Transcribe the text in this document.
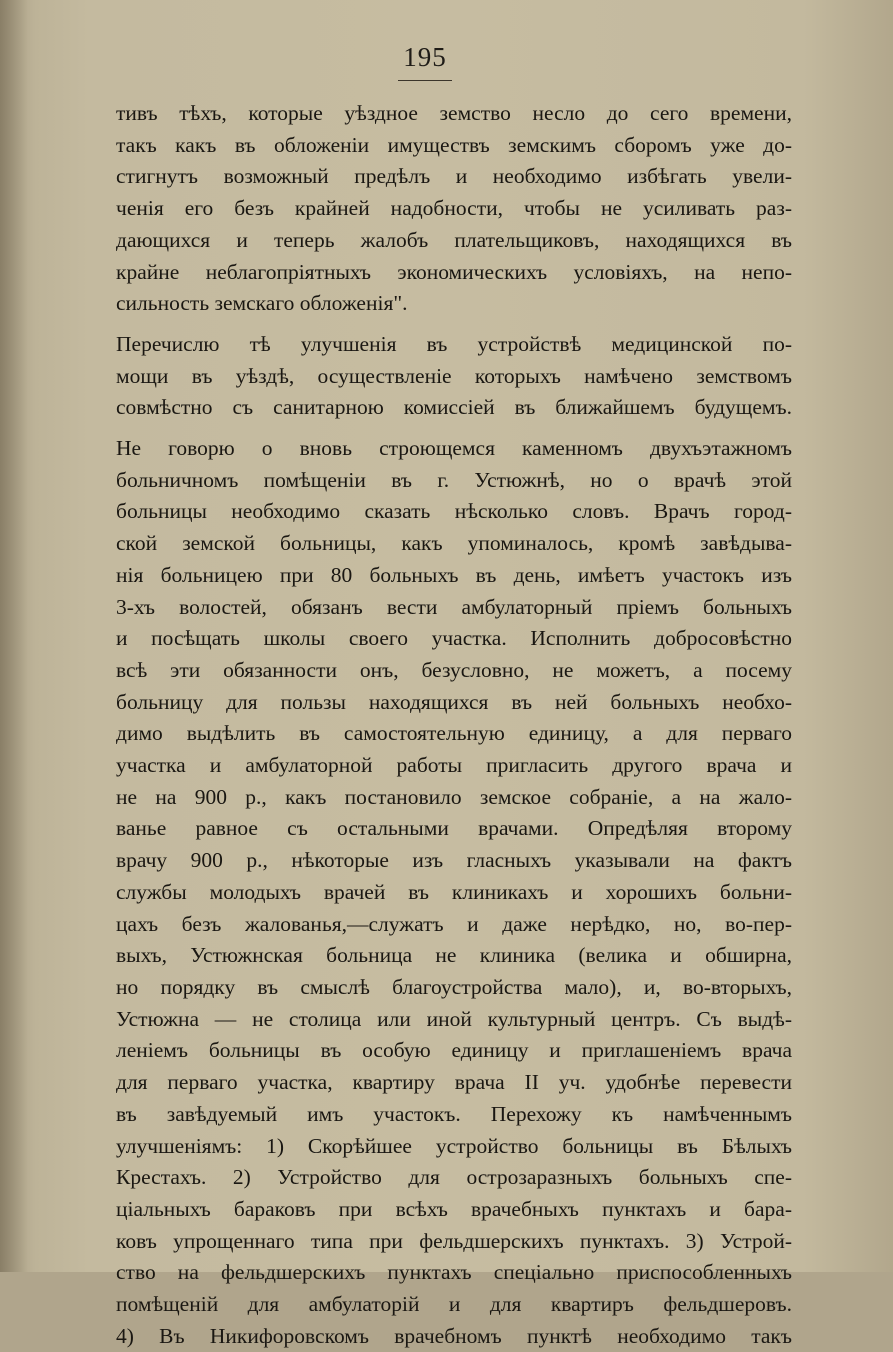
195

тивъ тѣхъ, которые уѣздное земство несло до сего времени,
такъ какъ въ обложеніи имуществъ земскимъ сборомъ уже до-
стигнутъ возможный предѣлъ и необходимо избѣгать увели-
ченія его безъ крайней надобности, чтобы не усиливать раз-
дающихся и теперь жалобъ плательщиковъ, находящихся въ
крайне неблагопріятныхъ экономическихъ условіяхъ, на непо-
сильность земскаго обложенія".

Перечислю тѣ улучшенія въ устройствѣ медицинской по-
мощи въ уѣздѣ, осуществленіе которыхъ намѣчено земствомъ
совмѣстно съ санитарною комиссіей въ ближайшемъ будущемъ.

Не говорю о вновь строющемся каменномъ двухъэтажномъ
больничномъ помѣщеніи въ г. Устюжнѣ, но о врачѣ этой
больницы необходимо сказать нѣсколько словъ. Врачъ город-
ской земской больницы, какъ упоминалось, кромѣ завѣдыва-
нія больницею при 80 больныхъ въ день, имѣетъ участокъ изъ
3-хъ волостей, обязанъ вести амбулаторный пріемъ больныхъ
и посѣщать школы своего участка. Исполнить добросовѣстно
всѣ эти обязанности онъ, безусловно, не можетъ, а посему
больницу для пользы находящихся въ ней больныхъ необхо-
димо выдѣлить въ самостоятельную единицу, а для перваго
участка и амбулаторной работы пригласить другого врача и
не на 900 р., какъ постановило земское собраніе, а на жало-
ванье равное съ остальными врачами. Опредѣляя второму
врачу 900 р., нѣкоторые изъ гласныхъ указывали на фактъ
службы молодыхъ врачей въ клиникахъ и хорошихъ больни-
цахъ безъ жалованья,—служатъ и даже нерѣдко, но, во-пер-
выхъ, Устюжнская больница не клиника (велика и обширна,
но порядку въ смыслѣ благоустройства мало), и, во-вторыхъ,
Устюжна — не столица или иной культурный центръ. Съ выдѣ-
леніемъ больницы въ особую единицу и приглашеніемъ врача
для перваго участка, квартиру врача II уч. удобнѣе перевести
въ завѣдуемый имъ участокъ. Перехожу къ намѣченнымъ
улучшеніямъ: 1) Скорѣйшее устройство больницы въ Бѣлыхъ
Крестахъ. 2) Устройство для острозаразныхъ больныхъ спе-
ціальныхъ бараковъ при всѣхъ врачебныхъ пунктахъ и бара-
ковъ упрощеннаго типа при фельдшерскихъ пунктахъ. 3) Устрой-
ство на фельдшерскихъ пунктахъ спеціально приспособленныхъ
помѣщеній для амбулаторій и для квартиръ фельдшеровъ.
4) Въ Никифоровскомъ врачебномъ пунктѣ необходимо такъ
